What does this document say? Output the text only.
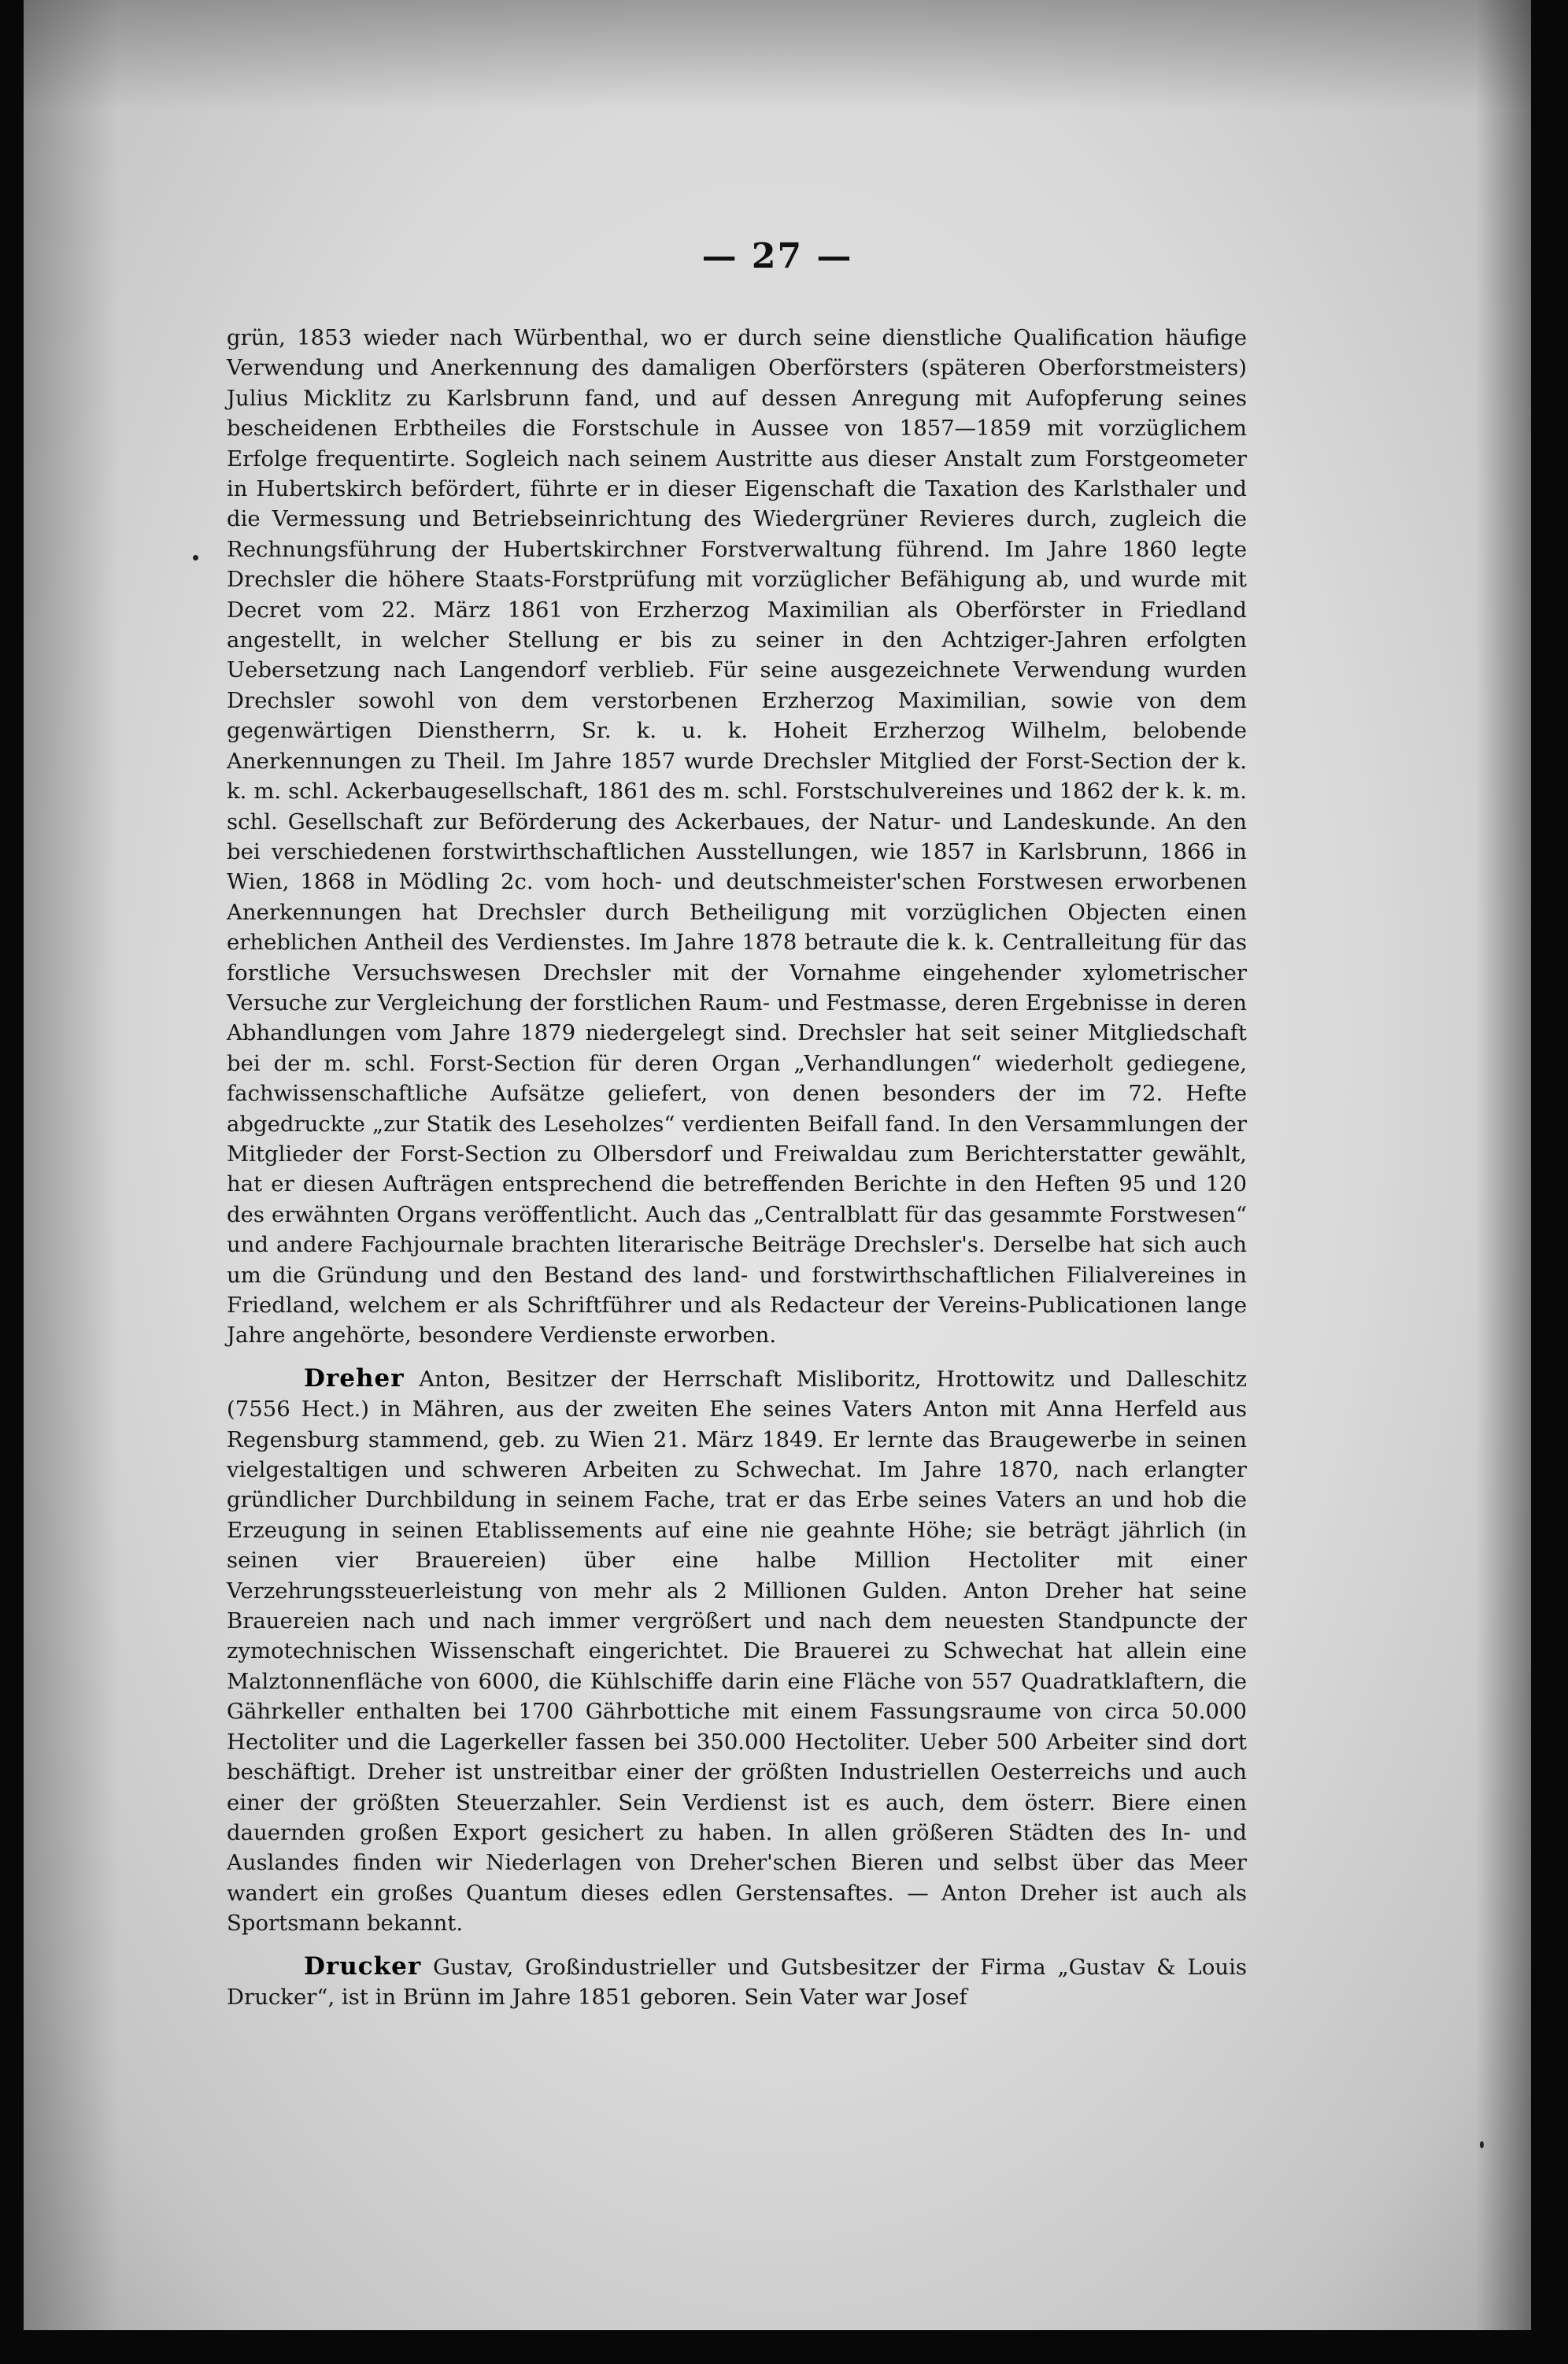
— 27 —

grün, 1853 wieder nach Würbenthal, wo er durch seine dienstliche Qualification häufige Verwendung und Anerkennung des damaligen Oberförsters (späteren Oberforstmeisters) Julius Micklitz zu Karlsbrunn fand, und auf dessen Anregung mit Aufopferung seines bescheidenen Erbtheiles die Forstschule in Aussee von 1857—1859 mit vorzüglichem Erfolge frequentirte. Sogleich nach seinem Austritte aus dieser Anstalt zum Forstgeometer in Hubertskirch befördert, führte er in dieser Eigenschaft die Taxation des Karlsthaler und die Vermessung und Betriebseinrichtung des Wiedergrüner Revieres durch, zugleich die Rechnungsführung der Hubertskirchner Forstverwaltung führend. Im Jahre 1860 legte Drechsler die höhere Staats-Forstprüfung mit vorzüglicher Befähigung ab, und wurde mit Decret vom 22. März 1861 von Erzherzog Maximilian als Oberförster in Friedland angestellt, in welcher Stellung er bis zu seiner in den Achtziger-Jahren erfolgten Uebersetzung nach Langendorf verblieb. Für seine ausgezeichnete Verwendung wurden Drechsler sowohl von dem verstorbenen Erzherzog Maximilian, sowie von dem gegenwärtigen Dienstherrn, Sr. k. u. k. Hoheit Erzherzog Wilhelm, belobende Anerkennungen zu Theil. Im Jahre 1857 wurde Drechsler Mitglied der Forst-Section der k. k. m. schl. Ackerbaugesellschaft, 1861 des m. schl. Forstschulvereines und 1862 der k. k. m. schl. Gesellschaft zur Beförderung des Ackerbaues, der Natur- und Landeskunde. An den bei verschiedenen forstwirthschaftlichen Ausstellungen, wie 1857 in Karlsbrunn, 1866 in Wien, 1868 in Mödling 2c. vom hoch- und deutschmeister'schen Forstwesen erworbenen Anerkennungen hat Drechsler durch Betheiligung mit vorzüglichen Objecten einen erheblichen Antheil des Verdienstes. Im Jahre 1878 betraute die k. k. Centralleitung für das forstliche Versuchswesen Drechsler mit der Vornahme eingehender xylometrischer Versuche zur Vergleichung der forstlichen Raum- und Festmasse, deren Ergebnisse in deren Abhandlungen vom Jahre 1879 niedergelegt sind. Drechsler hat seit seiner Mitgliedschaft bei der m. schl. Forst-Section für deren Organ „Verhandlungen“ wiederholt gediegene, fachwissenschaftliche Aufsätze geliefert, von denen besonders der im 72. Hefte abgedruckte „zur Statik des Leseholzes“ verdienten Beifall fand. In den Versammlungen der Mitglieder der Forst-Section zu Olbersdorf und Freiwaldau zum Berichterstatter gewählt, hat er diesen Aufträgen entsprechend die betreffenden Berichte in den Heften 95 und 120 des erwähnten Organs veröffentlicht. Auch das „Centralblatt für das gesammte Forstwesen“ und andere Fachjournale brachten literarische Beiträge Drechsler's. Derselbe hat sich auch um die Gründung und den Bestand des land- und forstwirthschaftlichen Filialvereines in Friedland, welchem er als Schriftführer und als Redacteur der Vereins-Publicationen lange Jahre angehörte, besondere Verdienste erworben.

Dreher Anton, Besitzer der Herrschaft Misliboritz, Hrottowitz und Dalleschitz (7556 Hect.) in Mähren, aus der zweiten Ehe seines Vaters Anton mit Anna Herfeld aus Regensburg stammend, geb. zu Wien 21. März 1849. Er lernte das Braugewerbe in seinen vielgestaltigen und schweren Arbeiten zu Schwechat. Im Jahre 1870, nach erlangter gründlicher Durchbildung in seinem Fache, trat er das Erbe seines Vaters an und hob die Erzeugung in seinen Etablissements auf eine nie geahnte Höhe; sie beträgt jährlich (in seinen vier Brauereien) über eine halbe Million Hectoliter mit einer Verzehrungssteuerleistung von mehr als 2 Millionen Gulden. Anton Dreher hat seine Brauereien nach und nach immer vergrößert und nach dem neuesten Standpuncte der zymotechnischen Wissenschaft eingerichtet. Die Brauerei zu Schwechat hat allein eine Malztonnenfläche von 6000, die Kühlschiffe darin eine Fläche von 557 Quadratklaftern, die Gährkeller enthalten bei 1700 Gährbottiche mit einem Fassungsraume von circa 50.000 Hectoliter und die Lagerkeller fassen bei 350.000 Hectoliter. Ueber 500 Arbeiter sind dort beschäftigt. Dreher ist unstreitbar einer der größten Industriellen Oesterreichs und auch einer der größten Steuerzahler. Sein Verdienst ist es auch, dem österr. Biere einen dauernden großen Export gesichert zu haben. In allen größeren Städten des In- und Auslandes finden wir Niederlagen von Dreher'schen Bieren und selbst über das Meer wandert ein großes Quantum dieses edlen Gerstensaftes. — Anton Dreher ist auch als Sportsmann bekannt.

Drucker Gustav, Großindustrieller und Gutsbesitzer der Firma „Gustav & Louis Drucker“, ist in Brünn im Jahre 1851 geboren. Sein Vater war Josef
